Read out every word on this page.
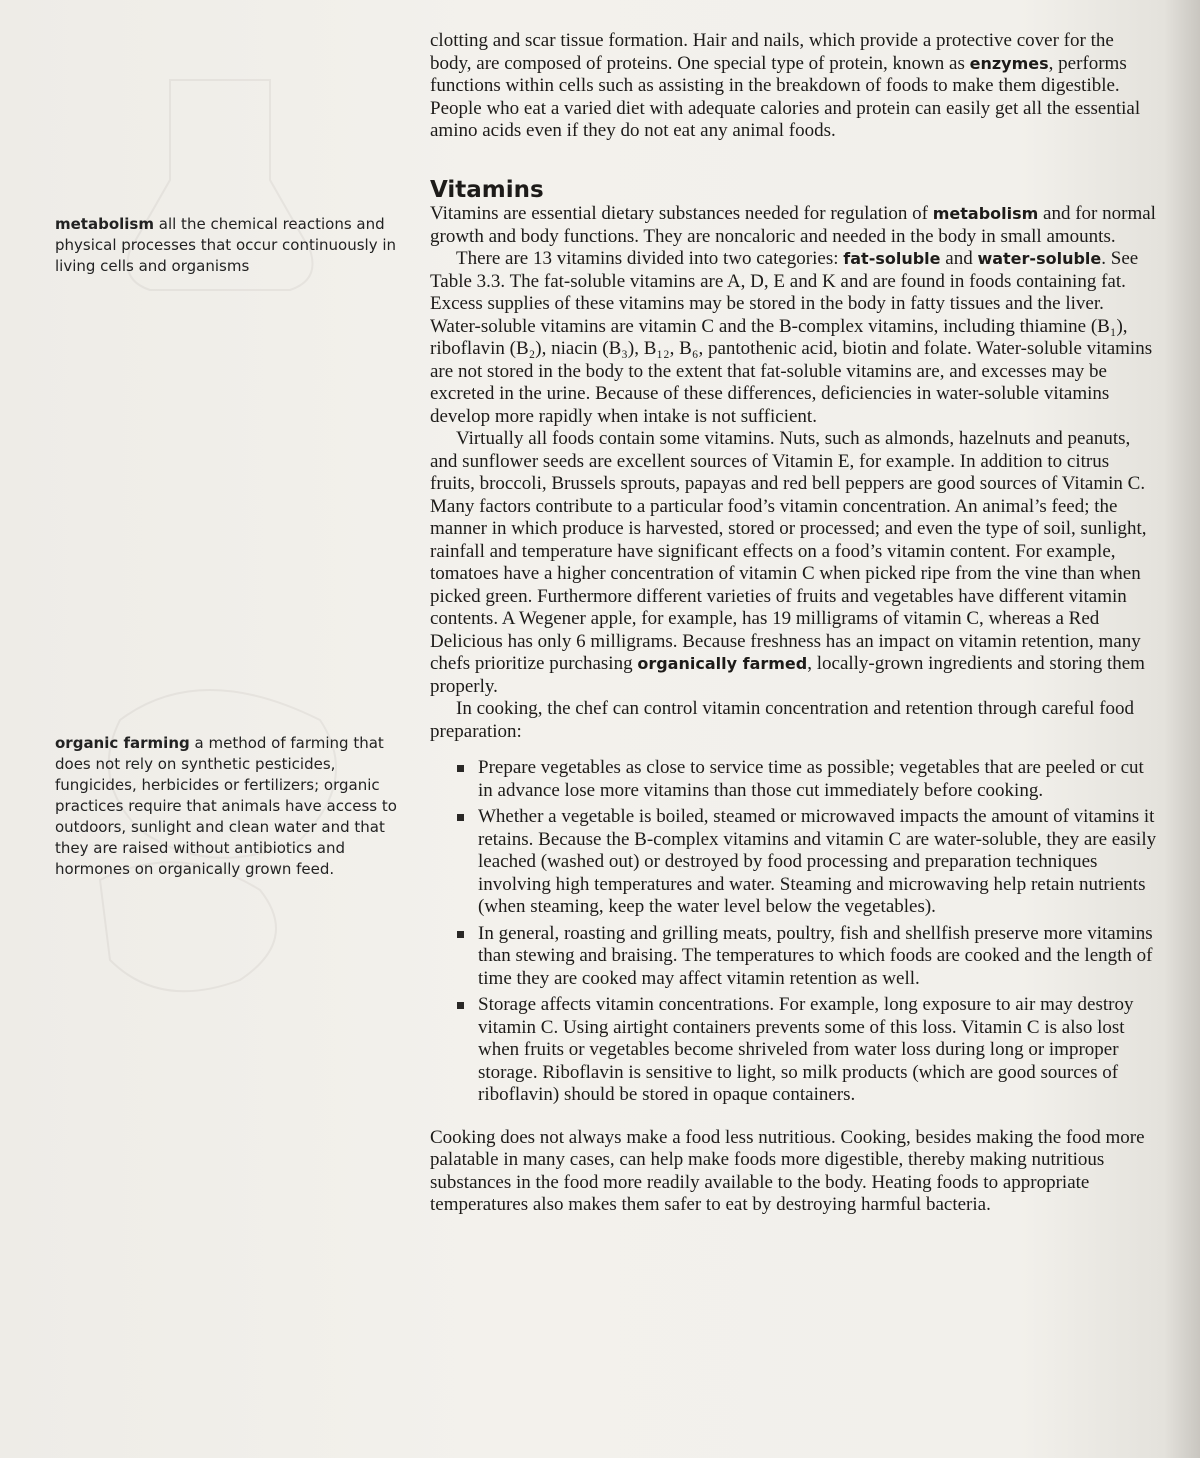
metabolism all the chemical reactions and physical processes that occur continuously in living cells and organisms
organic farming a method of farming that does not rely on synthetic pesticides, fungicides, herbicides or fertilizers; organic practices require that animals have access to outdoors, sunlight and clean water and that they are raised without antibiotics and hormones on organically grown feed.

clotting and scar tissue formation. Hair and nails, which provide a protective cover for the body, are composed of proteins. One special type of protein, known as enzymes, performs functions within cells such as assisting in the breakdown of foods to make them digestible. People who eat a varied diet with adequate calories and protein can easily get all the essential amino acids even if they do not eat any animal foods.

Vitamins

Vitamins are essential dietary substances needed for regulation of metabolism and for normal growth and body functions. They are noncaloric and needed in the body in small amounts.

There are 13 vitamins divided into two categories: fat-soluble and water-soluble. See Table 3.3. The fat-soluble vitamins are A, D, E and K and are found in foods containing fat. Excess supplies of these vitamins may be stored in the body in fatty tissues and the liver. Water-soluble vitamins are vitamin C and the B-complex vitamins, including thiamine (B₁), riboflavin (B₂), niacin (B₃), B₁₂, B₆, pantothenic acid, biotin and folate. Water-soluble vitamins are not stored in the body to the extent that fat-soluble vitamins are, and excesses may be excreted in the urine. Because of these differences, deficiencies in water-soluble vitamins develop more rapidly when intake is not sufficient.

Virtually all foods contain some vitamins. Nuts, such as almonds, hazelnuts and peanuts, and sunflower seeds are excellent sources of Vitamin E, for example. In addition to citrus fruits, broccoli, Brussels sprouts, papayas and red bell peppers are good sources of Vitamin C. Many factors contribute to a particular food’s vitamin concentration. An animal’s feed; the manner in which produce is harvested, stored or processed; and even the type of soil, sunlight, rainfall and temperature have significant effects on a food’s vitamin content. For example, tomatoes have a higher concentration of vitamin C when picked ripe from the vine than when picked green. Furthermore different varieties of fruits and vegetables have different vitamin contents. A Wegener apple, for example, has 19 milligrams of vitamin C, whereas a Red Delicious has only 6 milligrams. Because freshness has an impact on vitamin retention, many chefs prioritize purchasing organically farmed, locally-grown ingredients and storing them properly.

In cooking, the chef can control vitamin concentration and retention through careful food preparation:

Prepare vegetables as close to service time as possible; vegetables that are peeled or cut in advance lose more vitamins than those cut immediately before cooking.
Whether a vegetable is boiled, steamed or microwaved impacts the amount of vitamins it retains. Because the B-complex vitamins and vitamin C are water-soluble, they are easily leached (washed out) or destroyed by food processing and preparation techniques involving high temperatures and water. Steaming and microwaving help retain nutrients (when steaming, keep the water level below the vegetables).
In general, roasting and grilling meats, poultry, fish and shellfish preserve more vitamins than stewing and braising. The temperatures to which foods are cooked and the length of time they are cooked may affect vitamin retention as well.
Storage affects vitamin concentrations. For example, long exposure to air may destroy vitamin C. Using airtight containers prevents some of this loss. Vitamin C is also lost when fruits or vegetables become shriveled from water loss during long or improper storage. Riboflavin is sensitive to light, so milk products (which are good sources of riboflavin) should be stored in opaque containers.

Cooking does not always make a food less nutritious. Cooking, besides making the food more palatable in many cases, can help make foods more digestible, thereby making nutritious substances in the food more readily available to the body. Heating foods to appropriate temperatures also makes them safer to eat by destroying harmful bacteria.
